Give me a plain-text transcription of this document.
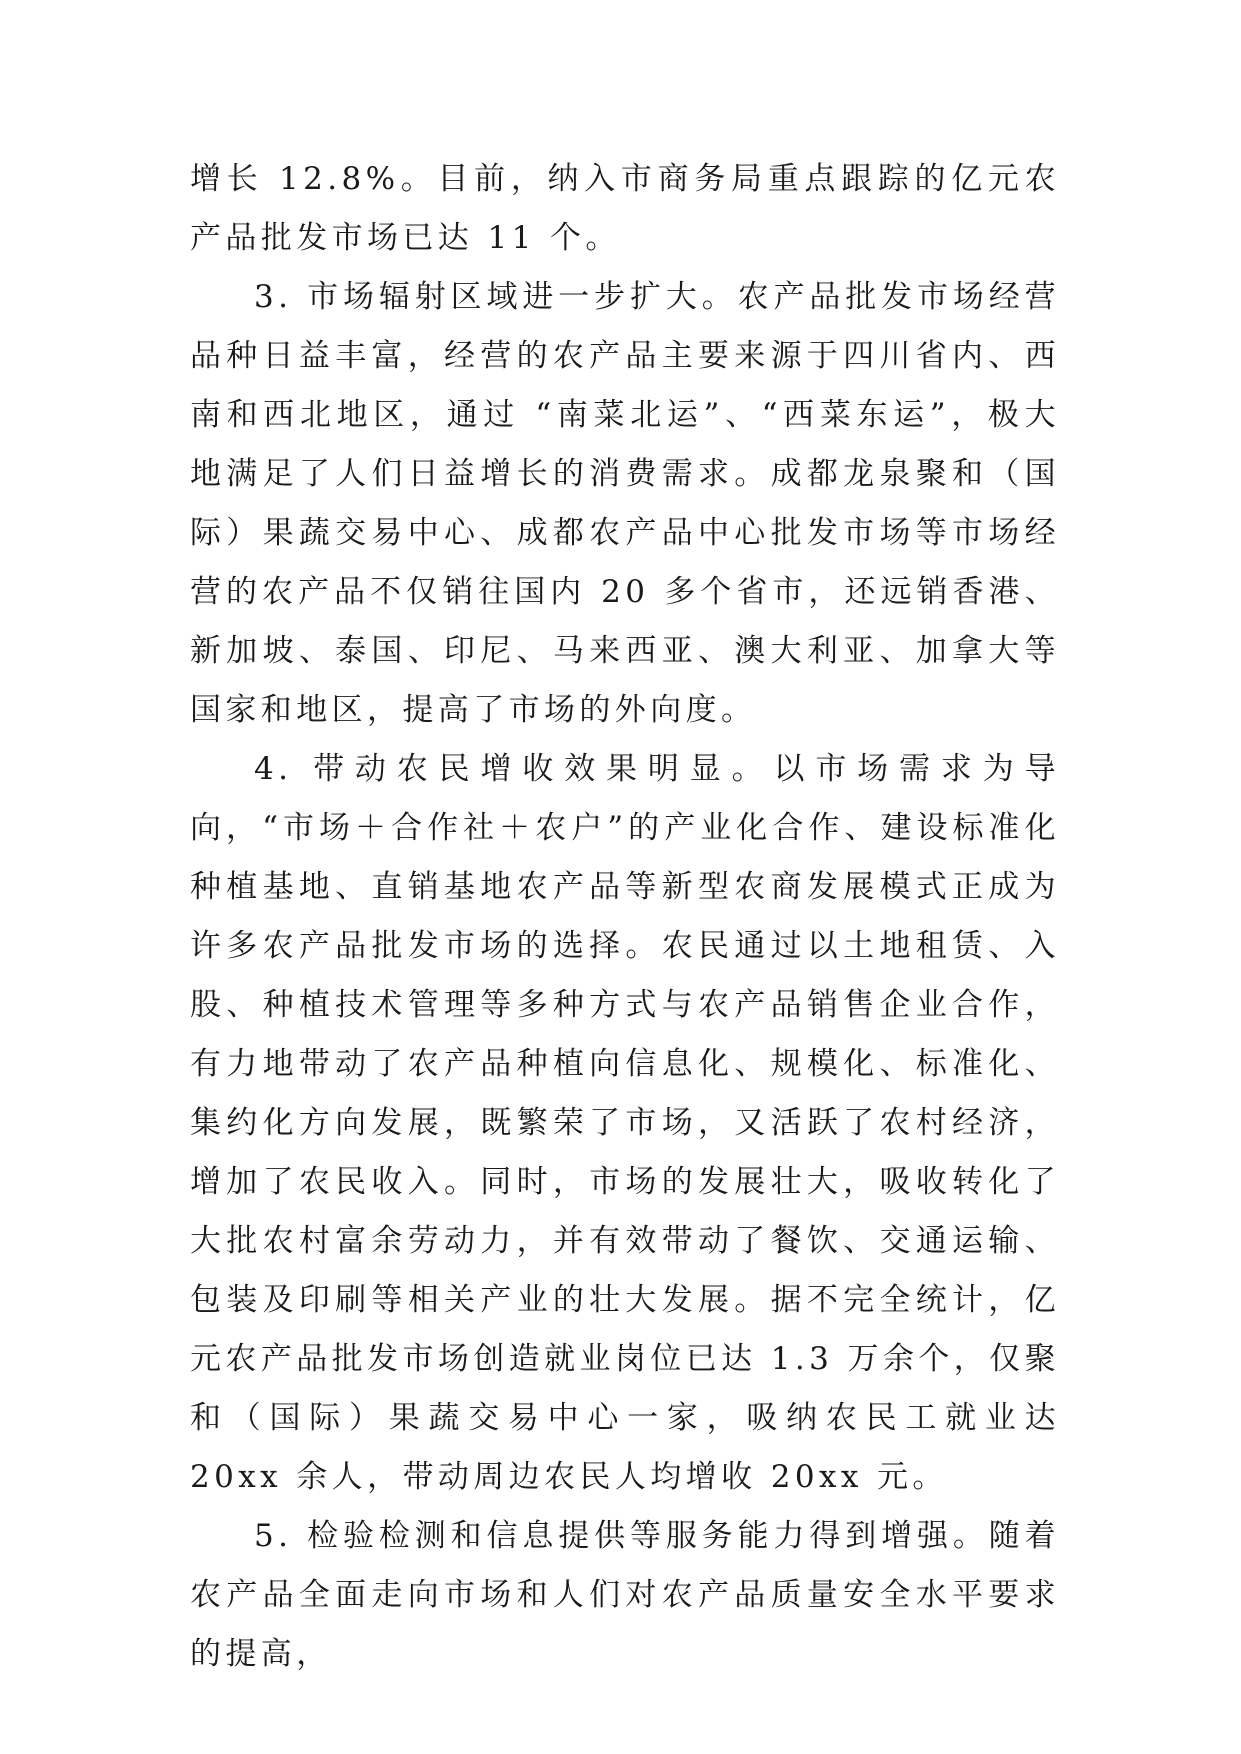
增长 12.8%。目前，纳入市商务局重点跟踪的亿元农产品批发市场已达 11 个。

3. 市场辐射区域进一步扩大。农产品批发市场经营品种日益丰富，经营的农产品主要来源于四川省内、西南和西北地区，通过 “南菜北运”、“西菜东运”，极大地满足了人们日益增长的消费需求。成都龙泉聚和（国际）果蔬交易中心、成都农产品中心批发市场等市场经营的农产品不仅销往国内 20 多个省市，还远销香港、新加坡、泰国、印尼、马来西亚、澳大利亚、加拿大等国家和地区，提高了市场的外向度。

4. 带动农民增收效果明显。以市场需求为导向，“市场＋合作社＋农户”的产业化合作、建设标准化种植基地、直销基地农产品等新型农商发展模式正成为许多农产品批发市场的选择。农民通过以土地租赁、入股、种植技术管理等多种方式与农产品销售企业合作，有力地带动了农产品种植向信息化、规模化、标准化、集约化方向发展，既繁荣了市场，又活跃了农村经济，增加了农民收入。同时，市场的发展壮大，吸收转化了大批农村富余劳动力，并有效带动了餐饮、交通运输、包装及印刷等相关产业的壮大发展。据不完全统计，亿元农产品批发市场创造就业岗位已达 1.3 万余个，仅聚和（国际）果蔬交易中心一家，吸纳农民工就业达 20xx 余人，带动周边农民人均增收 20xx 元。

5. 检验检测和信息提供等服务能力得到增强。随着农产品全面走向市场和人们对农产品质量安全水平要求的提高，
